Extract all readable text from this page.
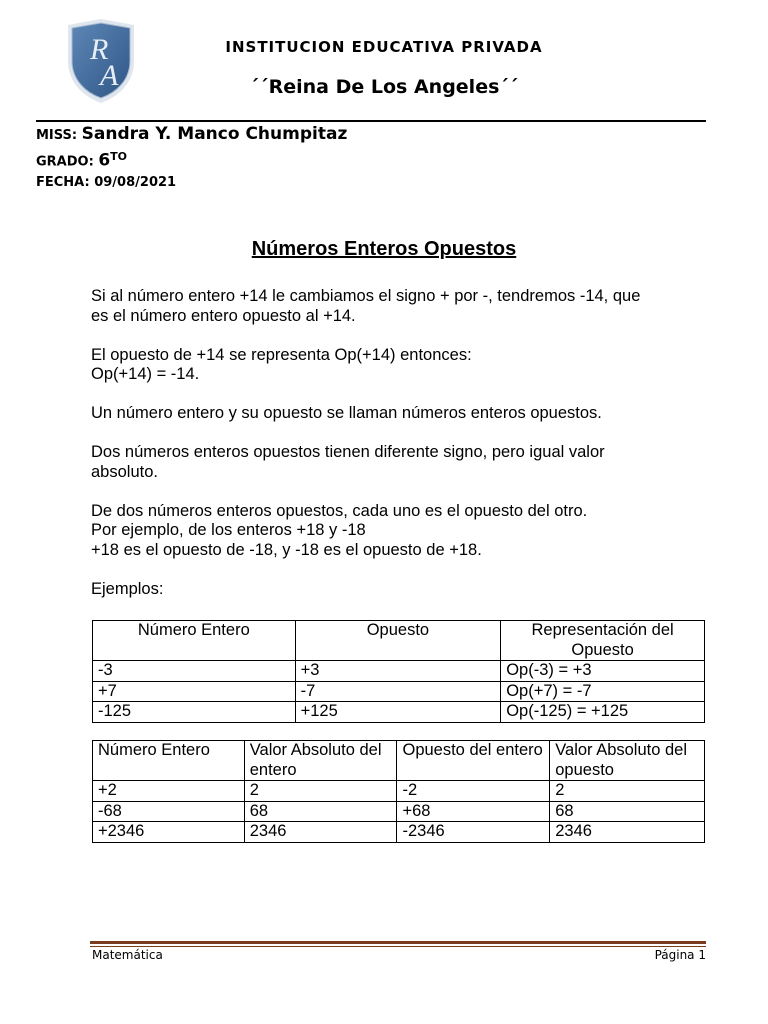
R
A
INSTITUCION EDUCATIVA PRIVADA
´´Reina De Los Angeles´´
MISS: Sandra Y. Manco Chumpitaz
GRADO: $6^{TO}$
FECHA: 09/08/2021
Números Enteros Opuestos

Si al número entero +14 le cambiamos el signo + por -, tendremos -14, que
es el número entero opuesto al +14.

El opuesto de +14 se representa Op(+14) entonces:
Op(+14) = -14.

Un número entero y su opuesto se llaman números enteros opuestos.

Dos números enteros opuestos tienen diferente signo, pero igual valor
absoluto.

De dos números enteros opuestos, cada uno es el opuesto del otro.
Por ejemplo, de los enteros +18 y -18
+18 es el opuesto de -18, y -18 es el opuesto de +18.

Ejemplos:

Número Entero	Opuesto	Representación del Opuesto
-3	+3	Op(-3) = +3
+7	-7	Op(+7) = -7
-125	+125	Op(-125) = +125
Número Entero	Valor Absoluto del entero	Opuesto del entero	Valor Absoluto del opuesto
+2	2	-2	2
-68	68	+68	68
+2346	2346	-2346	2346
Matemática	Página 1
